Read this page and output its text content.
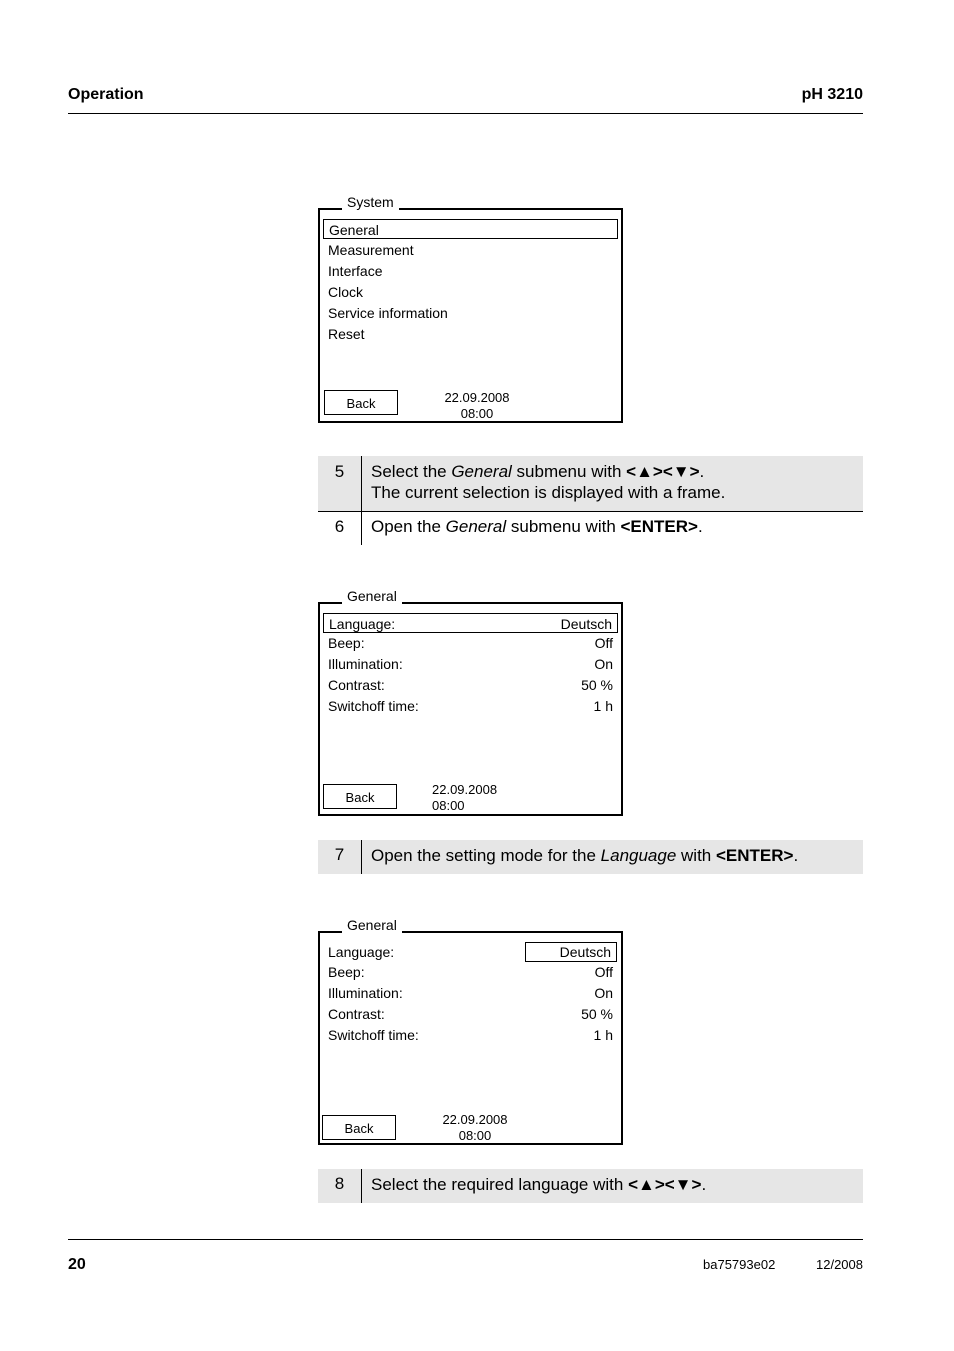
Operation	pH 3210
System
General
Measurement
Interface
Clock
Service information
Reset
Back	22.09.2008
08:00
5	Select the General submenu with <▲><▼>.
The current selection is displayed with a frame.
6	Open the General submenu with <ENTER>.
General
Language:	Deutsch
Beep:	Off
Illumination:	On
Contrast:	50 %
Switchoff time:	1 h
Back
22.09.2008
08:00
7	Open the setting mode for the Language with <ENTER>.
General
Language:	Deutsch
Beep:	Off
Illumination:	On
Contrast:	50 %
Switchoff time:	1 h
Back
22.09.2008
08:00
8	Select the required language with <▲><▼>.
20	ba75793e02	12/2008
